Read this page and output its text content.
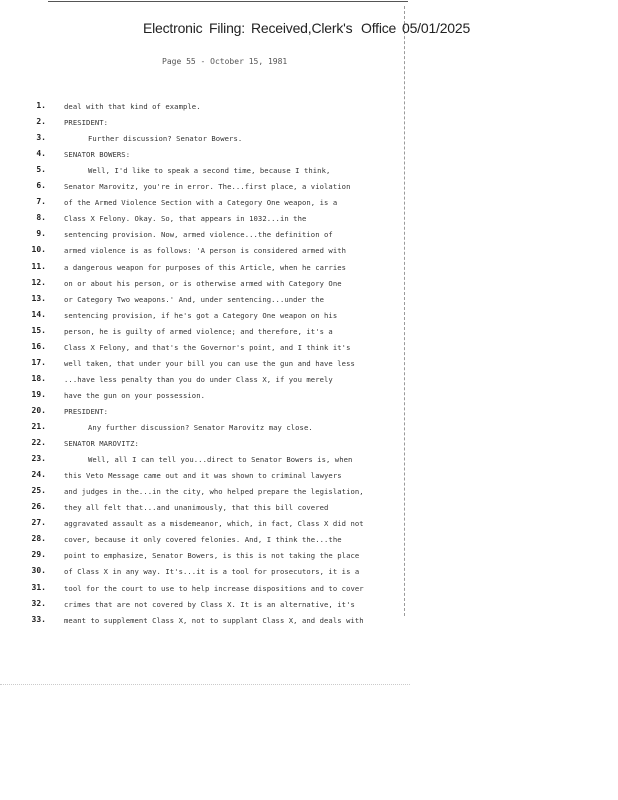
Electronic Filing: Received,Clerk's Office 05/01/2025
Page 55 - October 15, 1981
1.	deal with that kind of example.
2.	PRESIDENT:
3.	Further discussion? Senator Bowers.
4.	SENATOR BOWERS:
5.	Well, I'd like to speak a second time, because I think,
6.	Senator Marovitz, you're in error. The...first place, a violation
7.	of the Armed Violence Section with a Category One weapon, is a
8.	Class X Felony. Okay. So, that appears in 1032...in the
9.	sentencing provision. Now, armed violence...the definition of
10.	armed violence is as follows: 'A person is considered armed with
11.	a dangerous weapon for purposes of this Article, when he carries
12.	on or about his person, or is otherwise armed with Category One
13.	or Category Two weapons.' And, under sentencing...under the
14.	sentencing provision, if he's got a Category One weapon on his
15.	person, he is guilty of armed violence; and therefore, it's a
16.	Class X Felony, and that's the Governor's point, and I think it's
17.	well taken, that under your bill you can use the gun and have less
18.	...have less penalty than you do under Class X, if you merely
19.	have the gun on your possession.
20.	PRESIDENT:
21.	Any further discussion? Senator Marovitz may close.
22.	SENATOR MAROVITZ:
23.	Well, all I can tell you...direct to Senator Bowers is, when
24.	this Veto Message came out and it was shown to criminal lawyers
25.	and judges in the...in the city, who helped prepare the legislation,
26.	they all felt that...and unanimously, that this bill covered
27.	aggravated assault as a misdemeanor, which, in fact, Class X did not
28.	cover, because it only covered felonies. And, I think the...the
29.	point to emphasize, Senator Bowers, is this is not taking the place
30.	of Class X in any way. It's...it is a tool for prosecutors, it is a
31.	tool for the court to use to help increase dispositions and to cover
32.	crimes that are not covered by Class X. It is an alternative, it's
33.	meant to supplement Class X, not to supplant Class X, and deals with
